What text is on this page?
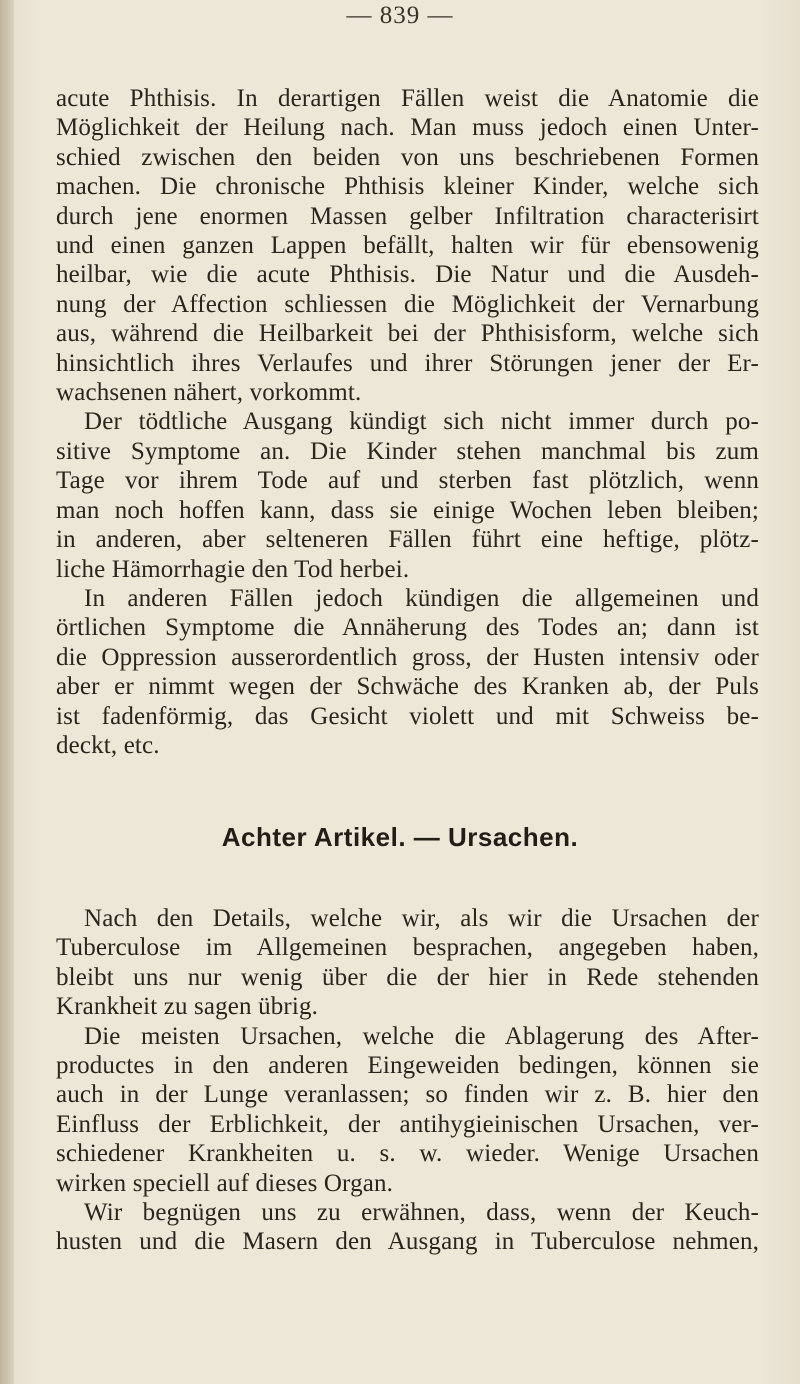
— 839 —
acute Phthisis. In derartigen Fällen weist die Anatomie die
Möglichkeit der Heilung nach. Man muss jedoch einen Unter-
schied zwischen den beiden von uns beschriebenen Formen
machen. Die chronische Phthisis kleiner Kinder, welche sich
durch jene enormen Massen gelber Infiltration characterisirt
und einen ganzen Lappen befällt, halten wir für ebensowenig
heilbar, wie die acute Phthisis. Die Natur und die Ausdeh-
nung der Affection schliessen die Möglichkeit der Vernarbung
aus, während die Heilbarkeit bei der Phthisisform, welche sich
hinsichtlich ihres Verlaufes und ihrer Störungen jener der Er-
wachsenen nähert, vorkommt.
Der tödtliche Ausgang kündigt sich nicht immer durch po-
sitive Symptome an. Die Kinder stehen manchmal bis zum
Tage vor ihrem Tode auf und sterben fast plötzlich, wenn
man noch hoffen kann, dass sie einige Wochen leben bleiben;
in anderen, aber selteneren Fällen führt eine heftige, plötz-
liche Hämorrhagie den Tod herbei.
In anderen Fällen jedoch kündigen die allgemeinen und
örtlichen Symptome die Annäherung des Todes an; dann ist
die Oppression ausserordentlich gross, der Husten intensiv oder
aber er nimmt wegen der Schwäche des Kranken ab, der Puls
ist fadenförmig, das Gesicht violett und mit Schweiss be-
deckt, etc.
Achter Artikel. — Ursachen.
Nach den Details, welche wir, als wir die Ursachen der
Tuberculose im Allgemeinen besprachen, angegeben haben,
bleibt uns nur wenig über die der hier in Rede stehenden
Krankheit zu sagen übrig.
Die meisten Ursachen, welche die Ablagerung des After-
productes in den anderen Eingeweiden bedingen, können sie
auch in der Lunge veranlassen; so finden wir z. B. hier den
Einfluss der Erblichkeit, der antihygieinischen Ursachen, ver-
schiedener Krankheiten u. s. w. wieder. Wenige Ursachen
wirken speciell auf dieses Organ.
Wir begnügen uns zu erwähnen, dass, wenn der Keuch-
husten und die Masern den Ausgang in Tuberculose nehmen,
